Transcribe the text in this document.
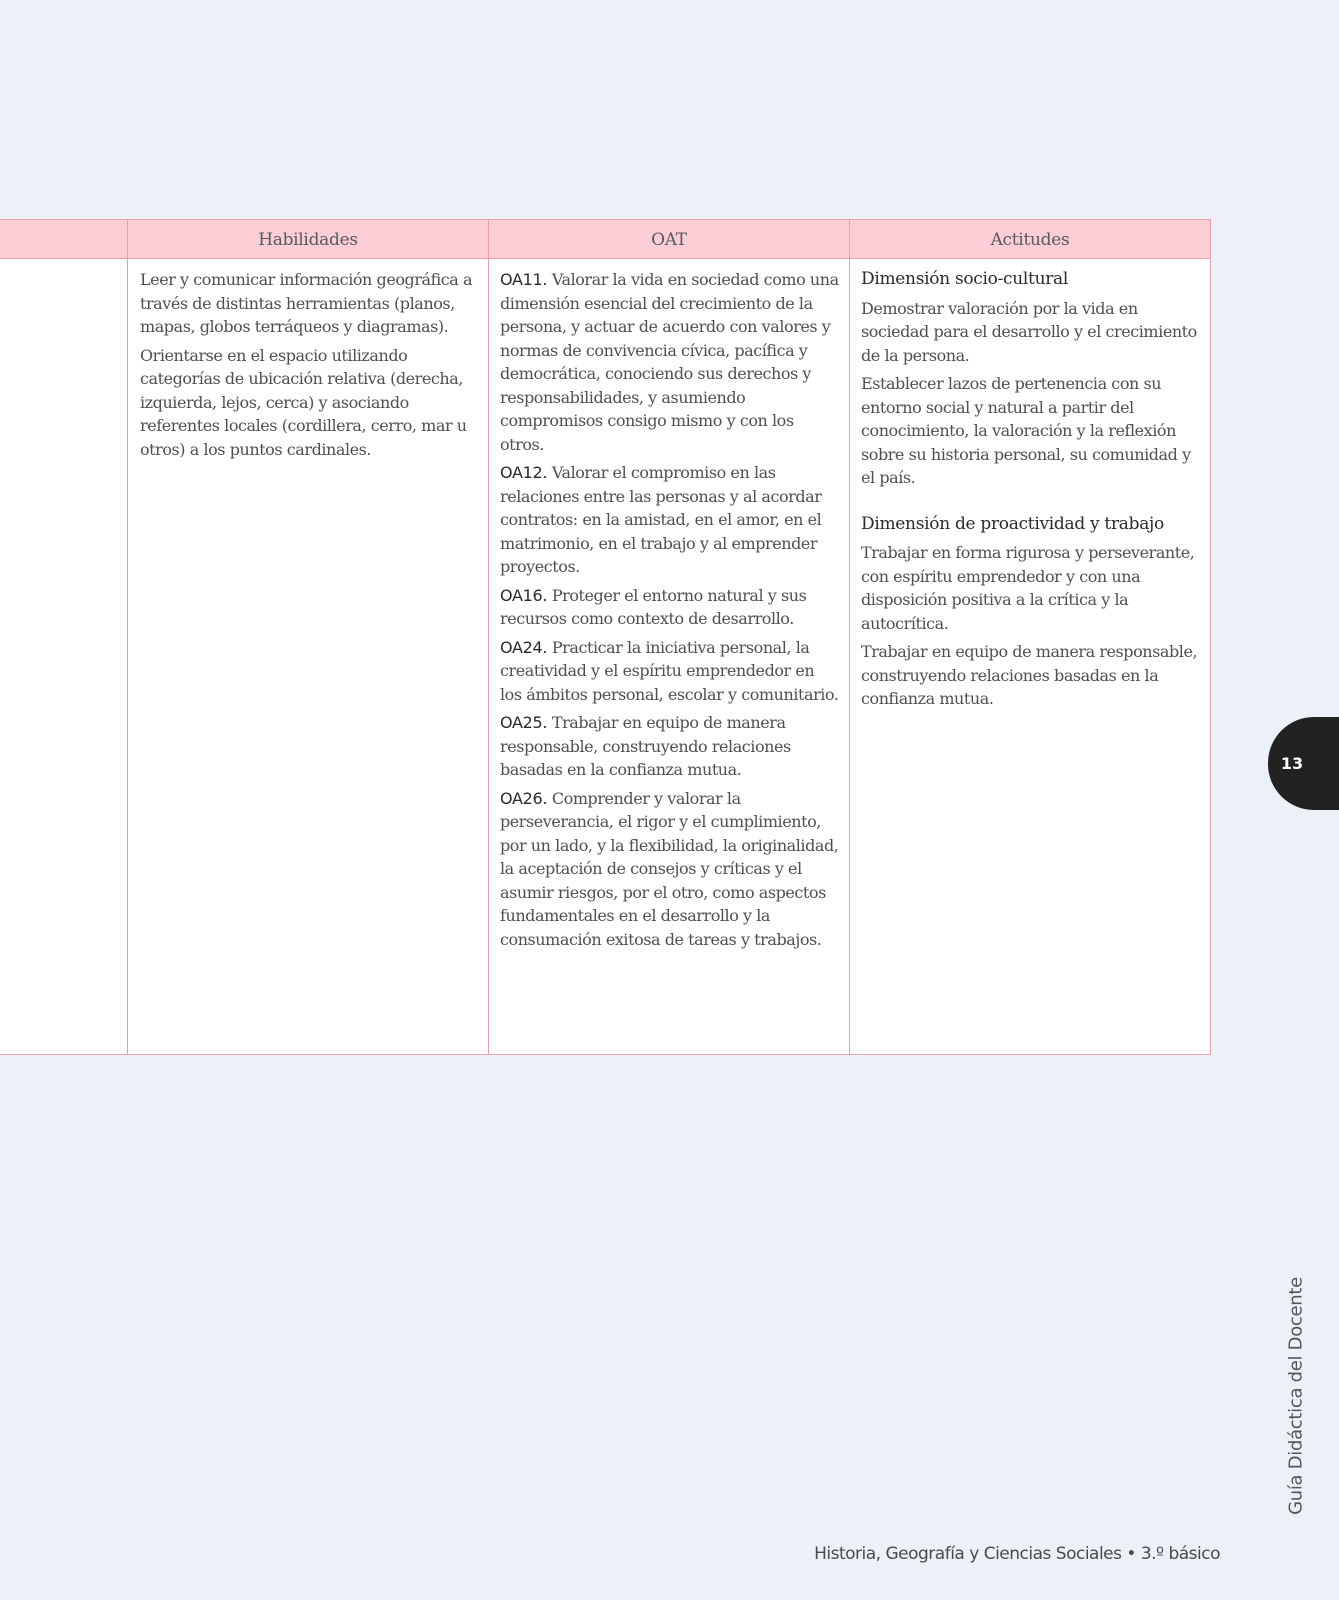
Habilidades	OAT	Actitudes

Leer y comunicar información geográfica a través de distintas herramientas (planos, mapas, globos terráqueos y diagramas).

Orientarse en el espacio utilizando categorías de ubicación relativa (derecha, izquierda, lejos, cerca) y asociando referentes locales (cordillera, cerro, mar u otros) a los puntos cardinales.

OA11. Valorar la vida en sociedad como una dimensión esencial del crecimiento de la persona, y actuar de acuerdo con valores y normas de convivencia cívica, pacífica y democrática, conociendo sus derechos y responsabilidades, y asumiendo compromisos consigo mismo y con los otros.

OA12. Valorar el compromiso en las relaciones entre las personas y al acordar contratos: en la amistad, en el amor, en el matrimonio, en el trabajo y al emprender proyectos.

OA16. Proteger el entorno natural y sus recursos como contexto de desarrollo.

OA24. Practicar la iniciativa personal, la creatividad y el espíritu emprendedor en los ámbitos personal, escolar y comunitario.

OA25. Trabajar en equipo de manera responsable, construyendo relaciones basadas en la confianza mutua.

OA26. Comprender y valorar la perseverancia, el rigor y el cumplimiento, por un lado, y la flexibilidad, la originalidad, la aceptación de consejos y críticas y el asumir riesgos, por el otro, como aspectos fundamentales en el desarrollo y la consumación exitosa de tareas y trabajos.

Dimensión socio-cultural

Demostrar valoración por la vida en sociedad para el desarrollo y el crecimiento de la persona.

Establecer lazos de pertenencia con su entorno social y natural a partir del conocimiento, la valoración y la reflexión sobre su historia personal, su comunidad y el país.

Dimensión de proactividad y trabajo

Trabajar en forma rigurosa y perseverante, con espíritu emprendedor y con una disposición positiva a la crítica y la autocrítica.

Trabajar en equipo de manera responsable, construyendo relaciones basadas en la confianza mutua.

13
Guía Didáctica del Docente
Historia, Geografía y Ciencias Sociales • 3.º básico
